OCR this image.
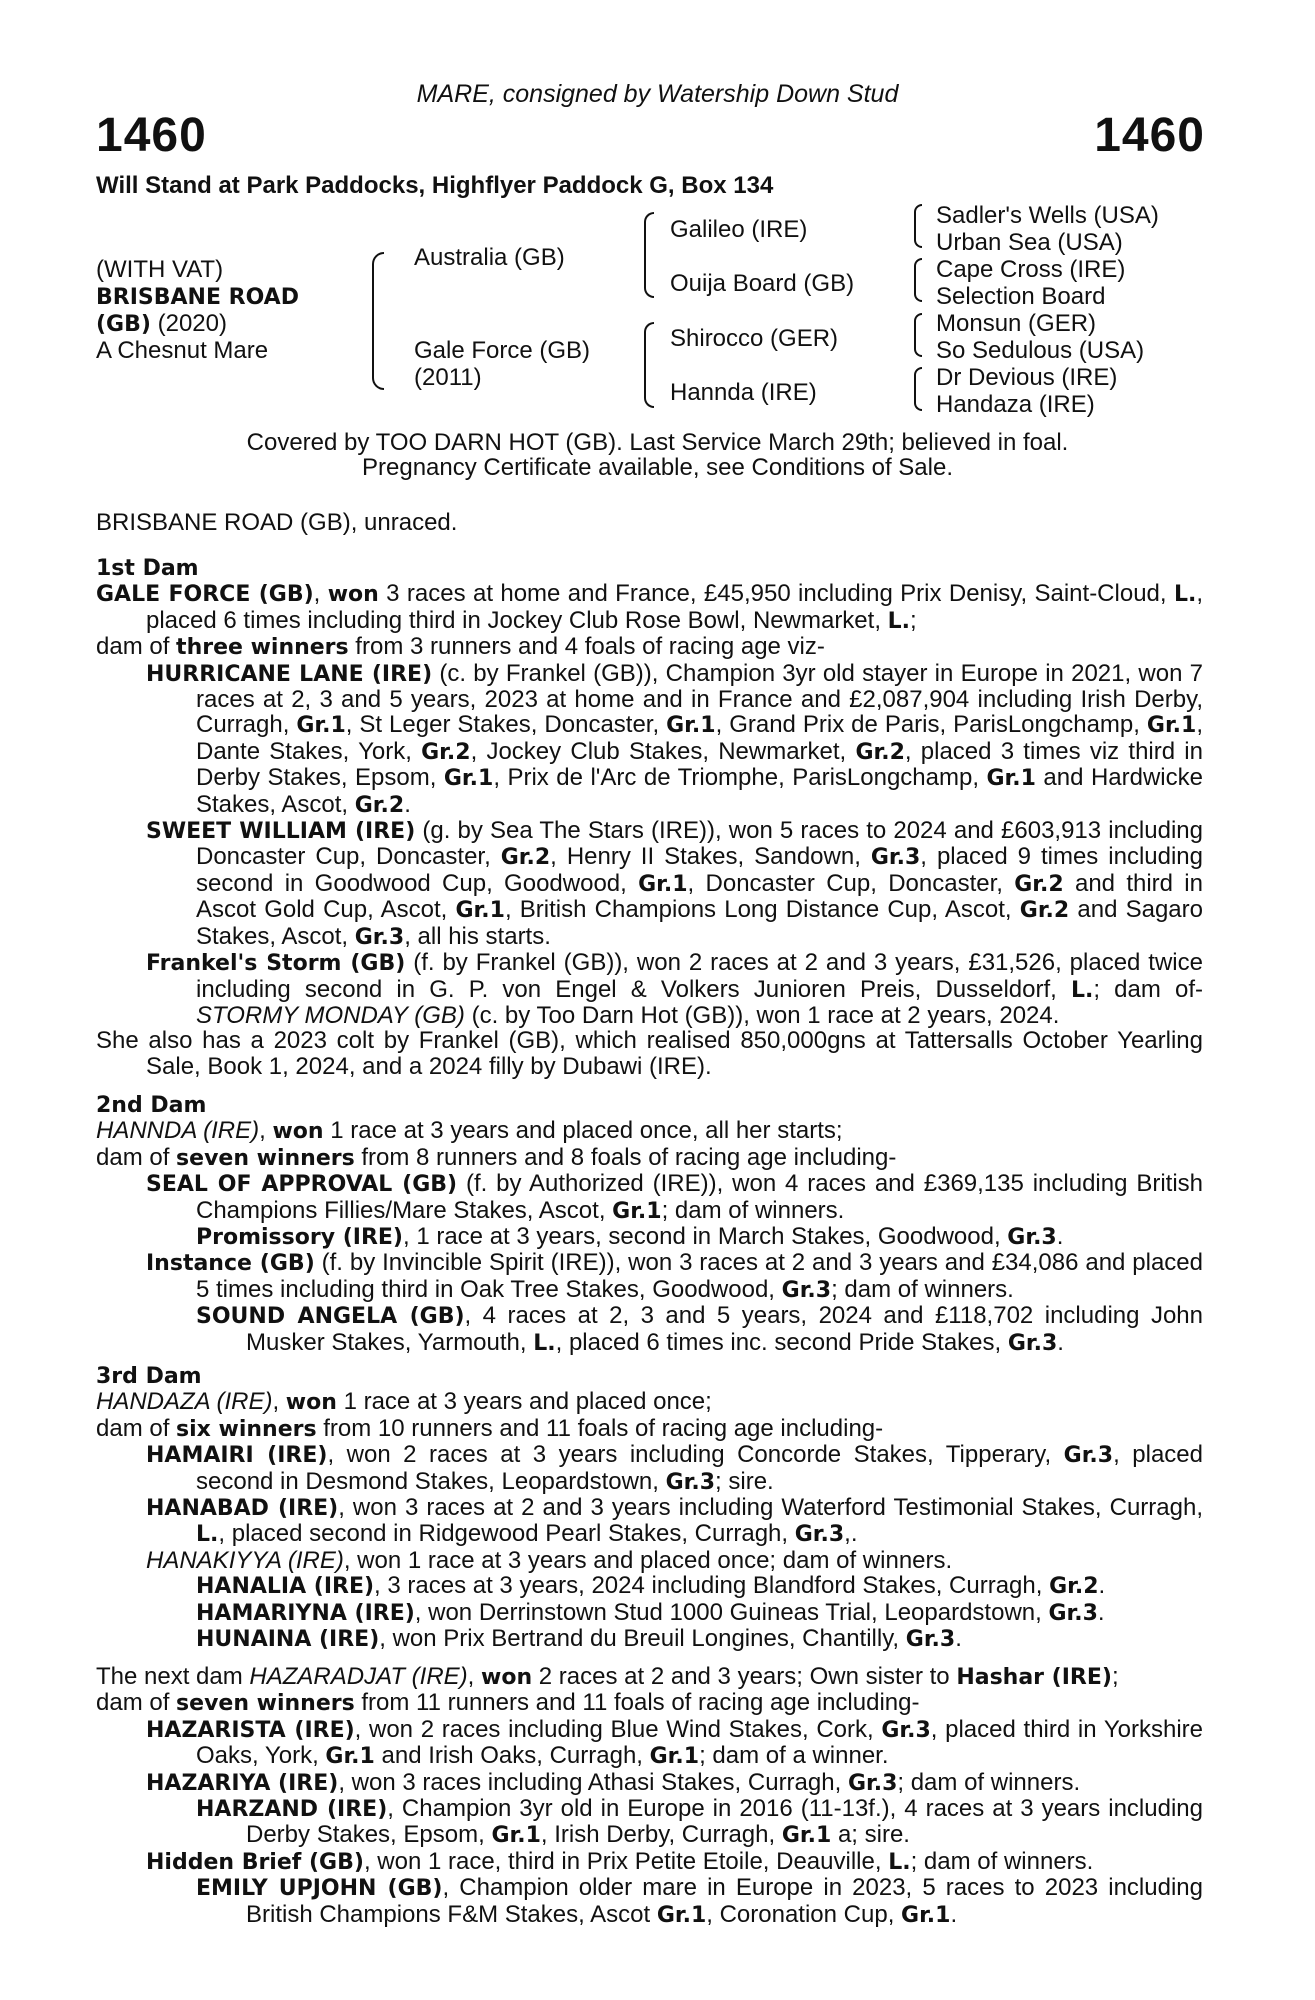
MARE, consigned by Watership Down Stud
1460	1460
Will Stand at Park Paddocks, Highflyer Paddock G, Box 134
(WITH VAT)
BRISBANE ROAD
(GB) (2020)
A Chesnut Mare
Australia (GB)
Gale Force (GB)
(2011)
Galileo (IRE)
Ouija Board (GB)
Shirocco (GER)
Hannda (IRE)
Sadler's Wells (USA)
Urban Sea (USA)
Cape Cross (IRE)
Selection Board
Monsun (GER)
So Sedulous (USA)
Dr Devious (IRE)
Handaza (IRE)
Covered by TOO DARN HOT (GB). Last Service March 29th; believed in foal.
Pregnancy Certificate available, see Conditions of Sale.
BRISBANE ROAD (GB), unraced.

1st Dam

GALE FORCE (GB), won 3 races at home and France, £45,950 including Prix Denisy, Saint-Cloud, L., placed 6 times including third in Jockey Club Rose Bowl, Newmarket, L.;

dam of three winners from 3 runners and 4 foals of racing age viz-

HURRICANE LANE (IRE) (c. by Frankel (GB)), Champion 3yr old stayer in Europe in 2021, won 7 races at 2, 3 and 5 years, 2023 at home and in France and £2,087,904 including Irish Derby, Curragh, Gr.1, St Leger Stakes, Doncaster, Gr.1, Grand Prix de Paris, ParisLongchamp, Gr.1, Dante Stakes, York, Gr.2, Jockey Club Stakes, Newmarket, Gr.2, placed 3 times viz third in Derby Stakes, Epsom, Gr.1, Prix de l'Arc de Triomphe, ParisLongchamp, Gr.1 and Hardwicke Stakes, Ascot, Gr.2.

SWEET WILLIAM (IRE) (g. by Sea The Stars (IRE)), won 5 races to 2024 and £603,913 including Doncaster Cup, Doncaster, Gr.2, Henry II Stakes, Sandown, Gr.3, placed 9 times including second in Goodwood Cup, Goodwood, Gr.1, Doncaster Cup, Doncaster, Gr.2 and third in Ascot Gold Cup, Ascot, Gr.1, British Champions Long Distance Cup, Ascot, Gr.2 and Sagaro Stakes, Ascot, Gr.3, all his starts.

Frankel's Storm (GB) (f. by Frankel (GB)), won 2 races at 2 and 3 years, £31,526, placed twice including second in G. P. von Engel & Volkers Junioren Preis, Dusseldorf, L.; dam of- STORMY MONDAY (GB) (c. by Too Darn Hot (GB)), won 1 race at 2 years, 2024.

She also has a 2023 colt by Frankel (GB), which realised 850,000gns at Tattersalls October Yearling Sale, Book 1, 2024, and a 2024 filly by Dubawi (IRE).

2nd Dam

HANNDA (IRE), won 1 race at 3 years and placed once, all her starts;

dam of seven winners from 8 runners and 8 foals of racing age including-

SEAL OF APPROVAL (GB) (f. by Authorized (IRE)), won 4 races and £369,135 including British Champions Fillies/Mare Stakes, Ascot, Gr.1; dam of winners.

Promissory (IRE), 1 race at 3 years, second in March Stakes, Goodwood, Gr.3.

Instance (GB) (f. by Invincible Spirit (IRE)), won 3 races at 2 and 3 years and £34,086 and placed 5 times including third in Oak Tree Stakes, Goodwood, Gr.3; dam of winners.

SOUND ANGELA (GB), 4 races at 2, 3 and 5 years, 2024 and £118,702 including John Musker Stakes, Yarmouth, L., placed 6 times inc. second Pride Stakes, Gr.3.

3rd Dam

HANDAZA (IRE), won 1 race at 3 years and placed once;

dam of six winners from 10 runners and 11 foals of racing age including-

HAMAIRI (IRE), won 2 races at 3 years including Concorde Stakes, Tipperary, Gr.3, placed second in Desmond Stakes, Leopardstown, Gr.3; sire.

HANABAD (IRE), won 3 races at 2 and 3 years including Waterford Testimonial Stakes, Curragh, L., placed second in Ridgewood Pearl Stakes, Curragh, Gr.3,.

HANAKIYYA (IRE), won 1 race at 3 years and placed once; dam of winners.

HANALIA (IRE), 3 races at 3 years, 2024 including Blandford Stakes, Curragh, Gr.2.

HAMARIYNA (IRE), won Derrinstown Stud 1000 Guineas Trial, Leopardstown, Gr.3.

HUNAINA (IRE), won Prix Bertrand du Breuil Longines, Chantilly, Gr.3.

The next dam HAZARADJAT (IRE), won 2 races at 2 and 3 years; Own sister to Hashar (IRE);

dam of seven winners from 11 runners and 11 foals of racing age including-

HAZARISTA (IRE), won 2 races including Blue Wind Stakes, Cork, Gr.3, placed third in Yorkshire Oaks, York, Gr.1 and Irish Oaks, Curragh, Gr.1; dam of a winner.

HAZARIYA (IRE), won 3 races including Athasi Stakes, Curragh, Gr.3; dam of winners.

HARZAND (IRE), Champion 3yr old in Europe in 2016 (11-13f.), 4 races at 3 years including Derby Stakes, Epsom, Gr.1, Irish Derby, Curragh, Gr.1 a; sire.

Hidden Brief (GB), won 1 race, third in Prix Petite Etoile, Deauville, L.; dam of winners.

EMILY UPJOHN (GB), Champion older mare in Europe in 2023, 5 races to 2023 including British Champions F&M Stakes, Ascot Gr.1, Coronation Cup, Gr.1.
